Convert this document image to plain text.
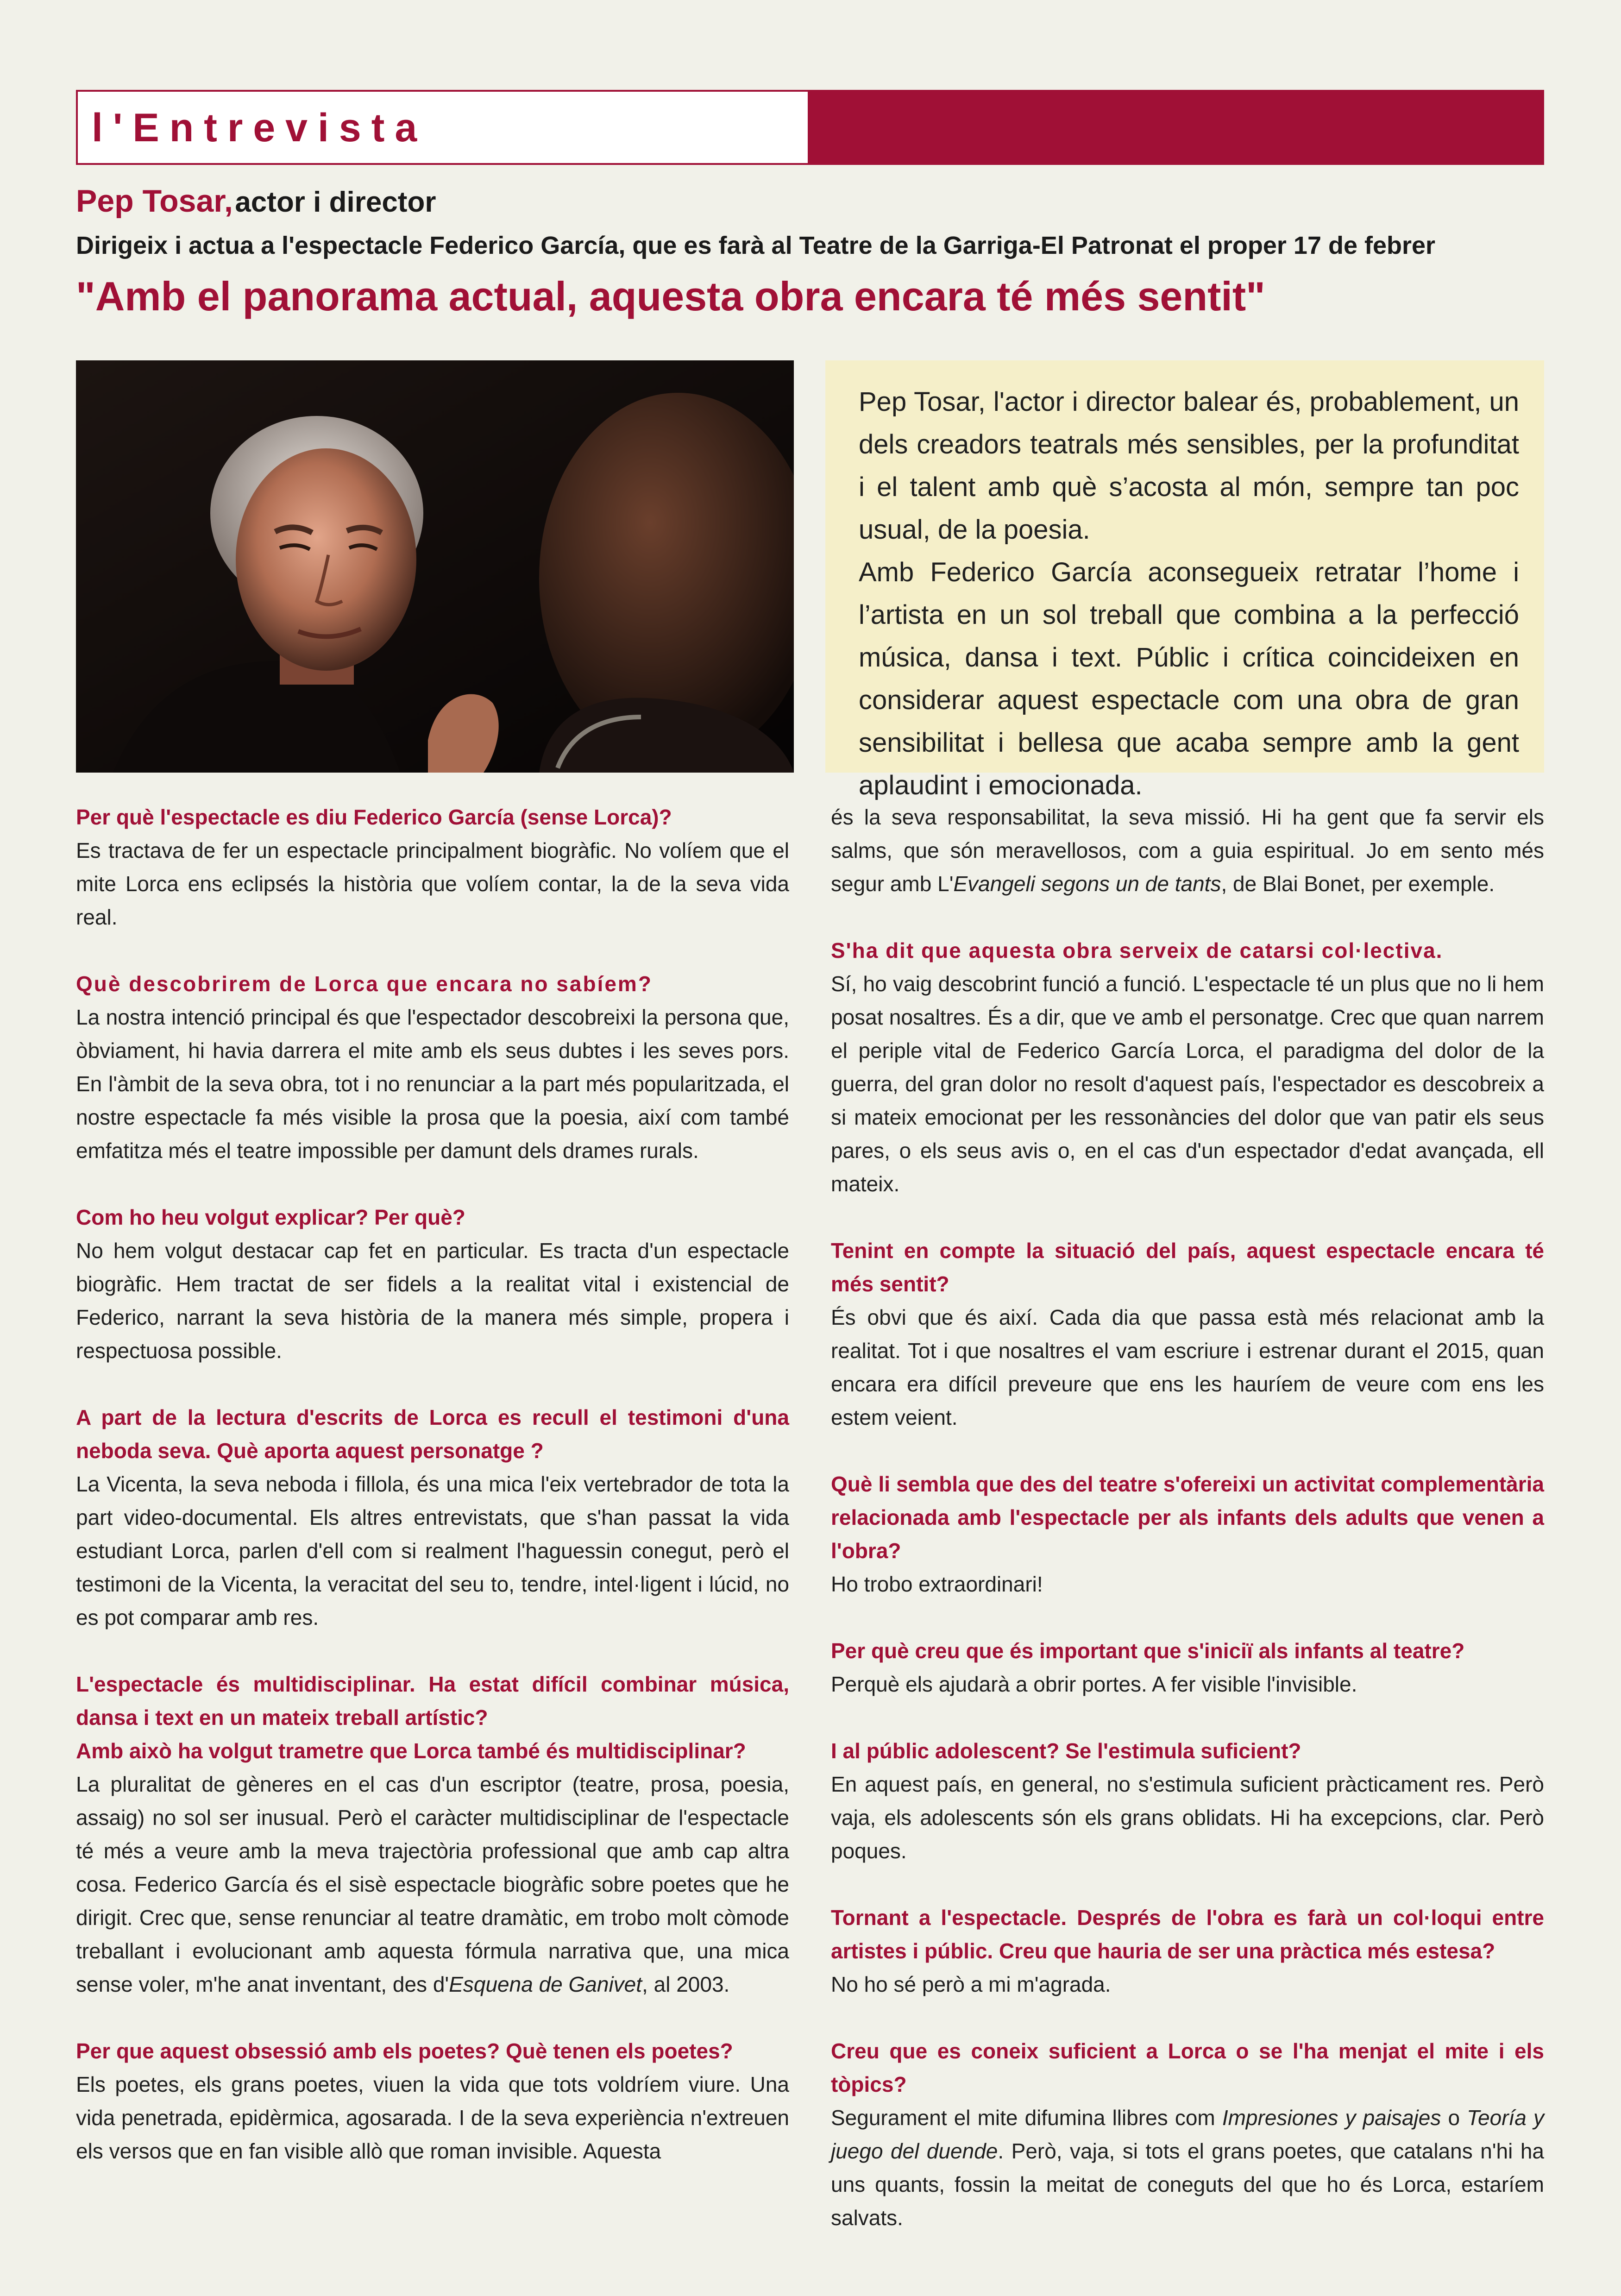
l'Entrevista
Pep Tosar, actor i director
Dirigeix i actua a l'espectacle Federico García, que es farà al Teatre de la Garriga-El Patronat el proper 17 de febrer
"Amb el panorama actual, aquesta obra encara té més sentit"

Pep Tosar, l'actor i director balear és, probablement, un dels creadors teatrals més sensibles, per la profunditat i el talent amb què s’acosta al món, sempre tan poc usual, de la poesia.

Amb Federico García aconsegueix retratar l’home i l’artista en un sol treball que combina a la perfecció música, dansa i text. Públic i crítica coincideixen en considerar aquest espectacle com una obra de gran sensibilitat i bellesa que acaba sempre amb la gent aplaudint i emocionada.

Per què l'espectacle es diu Federico García (sense Lorca)?

Es tractava de fer un espectacle principalment biogràfic. No volíem que el mite Lorca ens eclipsés la història que volíem contar, la de la seva vida real.

Què descobrirem de Lorca que encara no sabíem?

La nostra intenció principal és que l'espectador descobreixi la persona que, òbviament, hi havia darrera el mite amb els seus dubtes i les seves pors. En l'àmbit de la seva obra, tot i no renunciar a la part més popularitzada, el nostre espectacle fa més visible la prosa que la poesia, així com també emfatitza més el teatre impossible per damunt dels drames rurals.

Com ho heu volgut explicar? Per què?

No hem volgut destacar cap fet en particular. Es tracta d'un espectacle biogràfic. Hem tractat de ser fidels a la realitat vital i existencial de Federico, narrant la seva història de la manera més simple, propera i respectuosa possible.

A part de la lectura d'escrits de Lorca es recull el testimoni d'una neboda seva. Què aporta aquest personatge ?

La Vicenta, la seva neboda i fillola, és una mica l'eix vertebrador de tota la part video-documental. Els altres entrevistats, que s'han passat la vida estudiant Lorca, parlen d'ell com si realment l'haguessin conegut, però el testimoni de la Vicenta, la veracitat del seu to, tendre, intel·ligent i lúcid, no es pot comparar amb res.

L'espectacle és multidisciplinar. Ha estat difícil combinar música, dansa i text en un mateix treball artístic?

Amb això ha volgut trametre que Lorca també és multidisciplinar?

La pluralitat de gèneres en el cas d'un escriptor (teatre, prosa, poesia, assaig) no sol ser inusual. Però el caràcter multidisciplinar de l'espectacle té més a veure amb la meva trajectòria professional que amb cap altra cosa. Federico García és el sisè espectacle biogràfic sobre poetes que he dirigit. Crec que, sense renunciar al teatre dramàtic, em trobo molt còmode treballant i evolucionant amb aquesta fórmula narrativa que, una mica sense voler, m'he anat inventant, des d'Esquena de Ganivet, al 2003.

Per que aquest obsessió amb els poetes? Què tenen els poetes?

Els poetes, els grans poetes, viuen la vida que tots voldríem viure. Una vida penetrada, epidèrmica, agosarada. I de la seva experiència n'extreuen els versos que en fan visible allò que roman invisible. Aquesta

és la seva responsabilitat, la seva missió. Hi ha gent que fa servir els salms, que són meravellosos, com a guia espiritual. Jo em sento més segur amb L'Evangeli segons un de tants, de Blai Bonet, per exemple.

S'ha dit que aquesta obra serveix de catarsi col·lectiva.

Sí, ho vaig descobrint funció a funció. L'espectacle té un plus que no li hem posat nosaltres. És a dir, que ve amb el personatge. Crec que quan narrem el periple vital de Federico García Lorca, el paradigma del dolor de la guerra, del gran dolor no resolt d'aquest país, l'espectador es descobreix a si mateix emocionat per les ressonàncies del dolor que van patir els seus pares, o els seus avis o, en el cas d'un espectador d'edat avançada, ell mateix.

Tenint en compte la situació del país, aquest espectacle encara té més sentit?

És obvi que és així. Cada dia que passa està més relacionat amb la realitat. Tot i que nosaltres el vam escriure i estrenar durant el 2015, quan encara era difícil preveure que ens les hauríem de veure com ens les estem veient.

Què li sembla que des del teatre s'ofereixi un activitat complementària relacionada amb l'espectacle per als infants dels adults que venen a l'obra?

Ho trobo extraordinari!

Per què creu que és important que s'iniciï als infants al teatre?

Perquè els ajudarà a obrir portes. A fer visible l'invisible.

I al públic adolescent? Se l'estimula suficient?

En aquest país, en general, no s'estimula suficient pràcticament res. Però vaja, els adolescents són els grans oblidats. Hi ha excepcions, clar. Però poques.

Tornant a l'espectacle. Després de l'obra es farà un col·loqui entre artistes i públic. Creu que hauria de ser una pràctica més estesa?

No ho sé però a mi m'agrada.

Creu que es coneix suficient a Lorca o se l'ha menjat el mite i els tòpics?

Segurament el mite difumina llibres com Impresiones y paisajes o Teoría y juego del duende. Però, vaja, si tots el grans poetes, que catalans n'hi ha uns quants, fossin la meitat de coneguts del que ho és Lorca, estaríem salvats.
